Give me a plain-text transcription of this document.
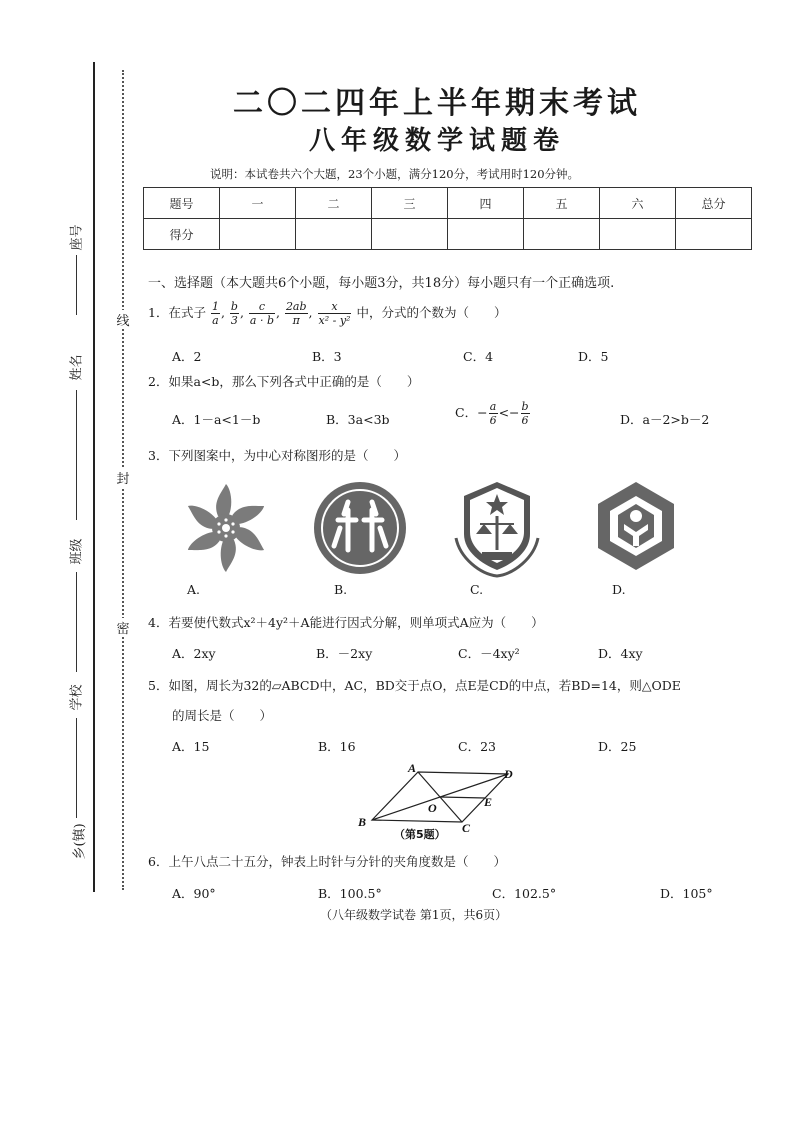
座号
姓名
班级
学校
乡(镇)
线
封
密
二〇二四年上半年期末考试
八年级数学试题卷
说明：本试卷共六个大题，23个小题，满分120分，考试用时120分钟。
题号	一	二	三	四	五	六	总分
得分							
一、选择题（本大题共6个小题，每小题3分，共18分）每小题只有一个正确选项.
1．在式子 $\frac{1}{a}$ , $\frac{b}{3}$ , $\frac{c}{a \cdot b}$ , $\frac{2ab}{\pi}$ , $\frac{x}{\text{x² - y²}}$ 中，分式的个数为（　　）
A．2	B．3	C．4	D．5
2．如果a<b，那么下列各式中正确的是（　　）
A．1－a<1－b	B．3a<3b	C．− $\frac{a}{6} <- \frac{b}{6}$	D．a－2>b－2
3．下列图案中，为中心对称图形的是（　　）
A.	B.	C.	D.
4．若要使代数式x²＋4y²＋A能进行因式分解，则单项式A应为（　　）
A．2xy	B．－2xy	C．－4xy²	D．4xy
5．如图，周长为32的▱ABCD中，AC，BD交于点O，点E是CD的中点，若BD=14，则△ODE
的周长是（　　）
A．15	B．16	C．23	D．25
A	D
O	E
B	C
（第5题）
6．上午八点二十五分，钟表上时针与分针的夹角度数是（　　）
A．90°	B．100.5°	C．102.5°	D．105°
（八年级数学试卷 第1页，共6页）
